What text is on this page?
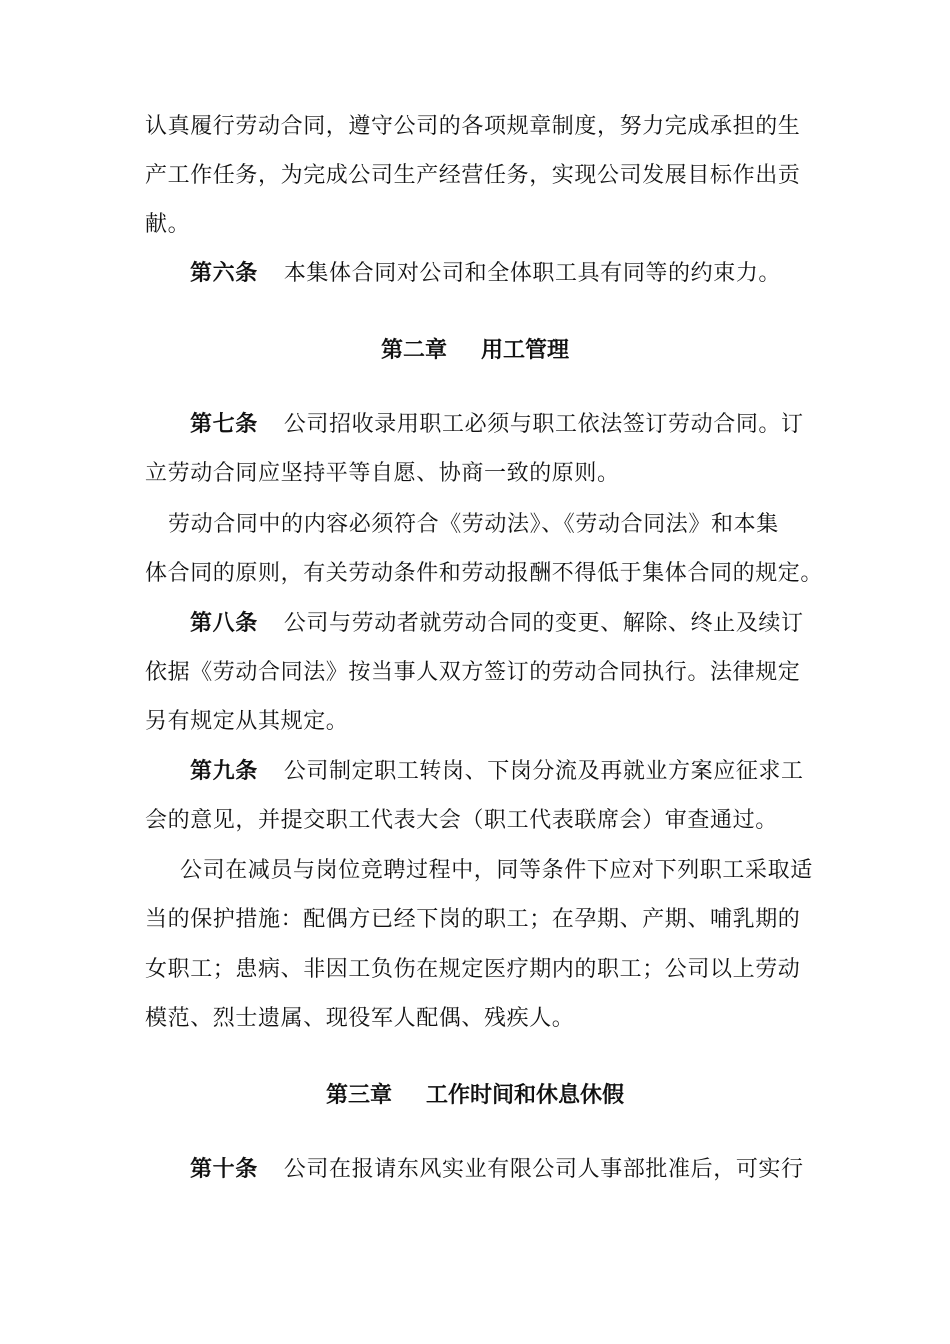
认真履行劳动合同，遵守公司的各项规章制度，努力完成承担的生
产工作任务，为完成公司生产经营任务，实现公司发展目标作出贡
献。
第六条 本集体合同对公司和全体职工具有同等的约束力。
第二章 用工管理
第七条 公司招收录用职工必须与职工依法签订劳动合同。订
立劳动合同应坚持平等自愿、协商一致的原则。
劳动合同中的内容必须符合《劳动法》、《劳动合同法》和本集
体合同的原则，有关劳动条件和劳动报酬不得低于集体合同的规定。
第八条 公司与劳动者就劳动合同的变更、解除、终止及续订
依据《劳动合同法》按当事人双方签订的劳动合同执行。法律规定
另有规定从其规定。
第九条 公司制定职工转岗、下岗分流及再就业方案应征求工
会的意见，并提交职工代表大会（职工代表联席会）审查通过。
公司在减员与岗位竞聘过程中，同等条件下应对下列职工采取适
当的保护措施：配偶方已经下岗的职工；在孕期、产期、哺乳期的
女职工；患病、非因工负伤在规定医疗期内的职工；公司以上劳动
模范、烈士遗属、现役军人配偶、残疾人。
第三章 工作时间和休息休假
第十条 公司在报请东风实业有限公司人事部批准后，可实行
